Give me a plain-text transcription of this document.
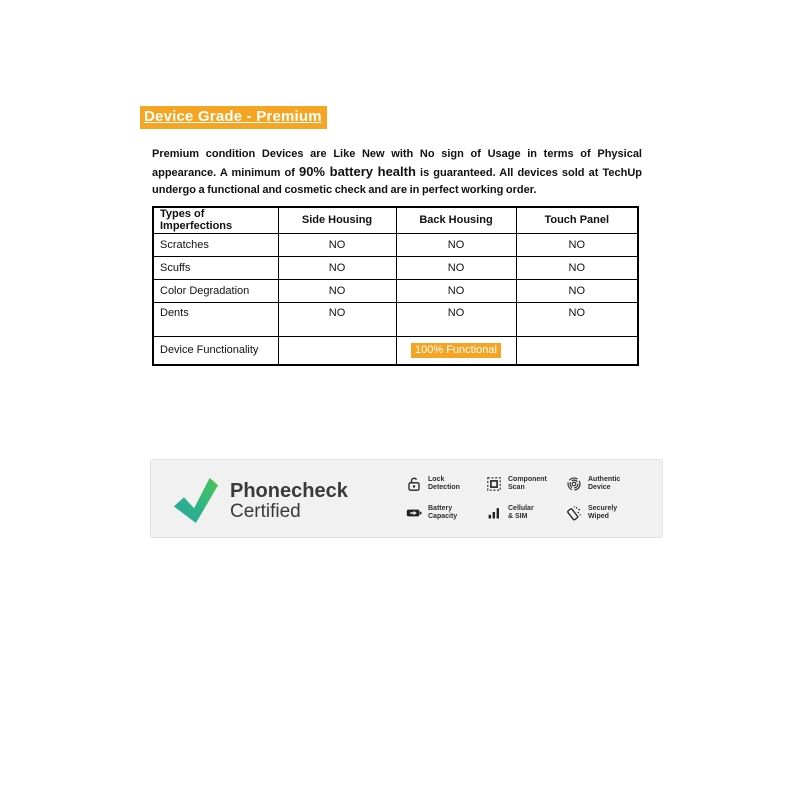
Device Grade - Premium

Premium condition Devices are Like New with No sign of Usage in terms of Physical appearance. A minimum of 90% battery health is guaranteed. All devices sold at TechUp undergo a functional and cosmetic check and are in perfect working order.

Types of Imperfections	Side Housing	Back Housing	Touch Panel
Scratches	NO	NO	NO
Scuffs	NO	NO	NO
Color Degradation	NO	NO	NO
Dents	NO	NO	NO
Device Functionality		100% Functional	
Phonecheck
Certified
Lock
Detection
Component
Scan
Authentic
Device
Battery
Capacity
Cellular
& SIM
Securely
Wiped
